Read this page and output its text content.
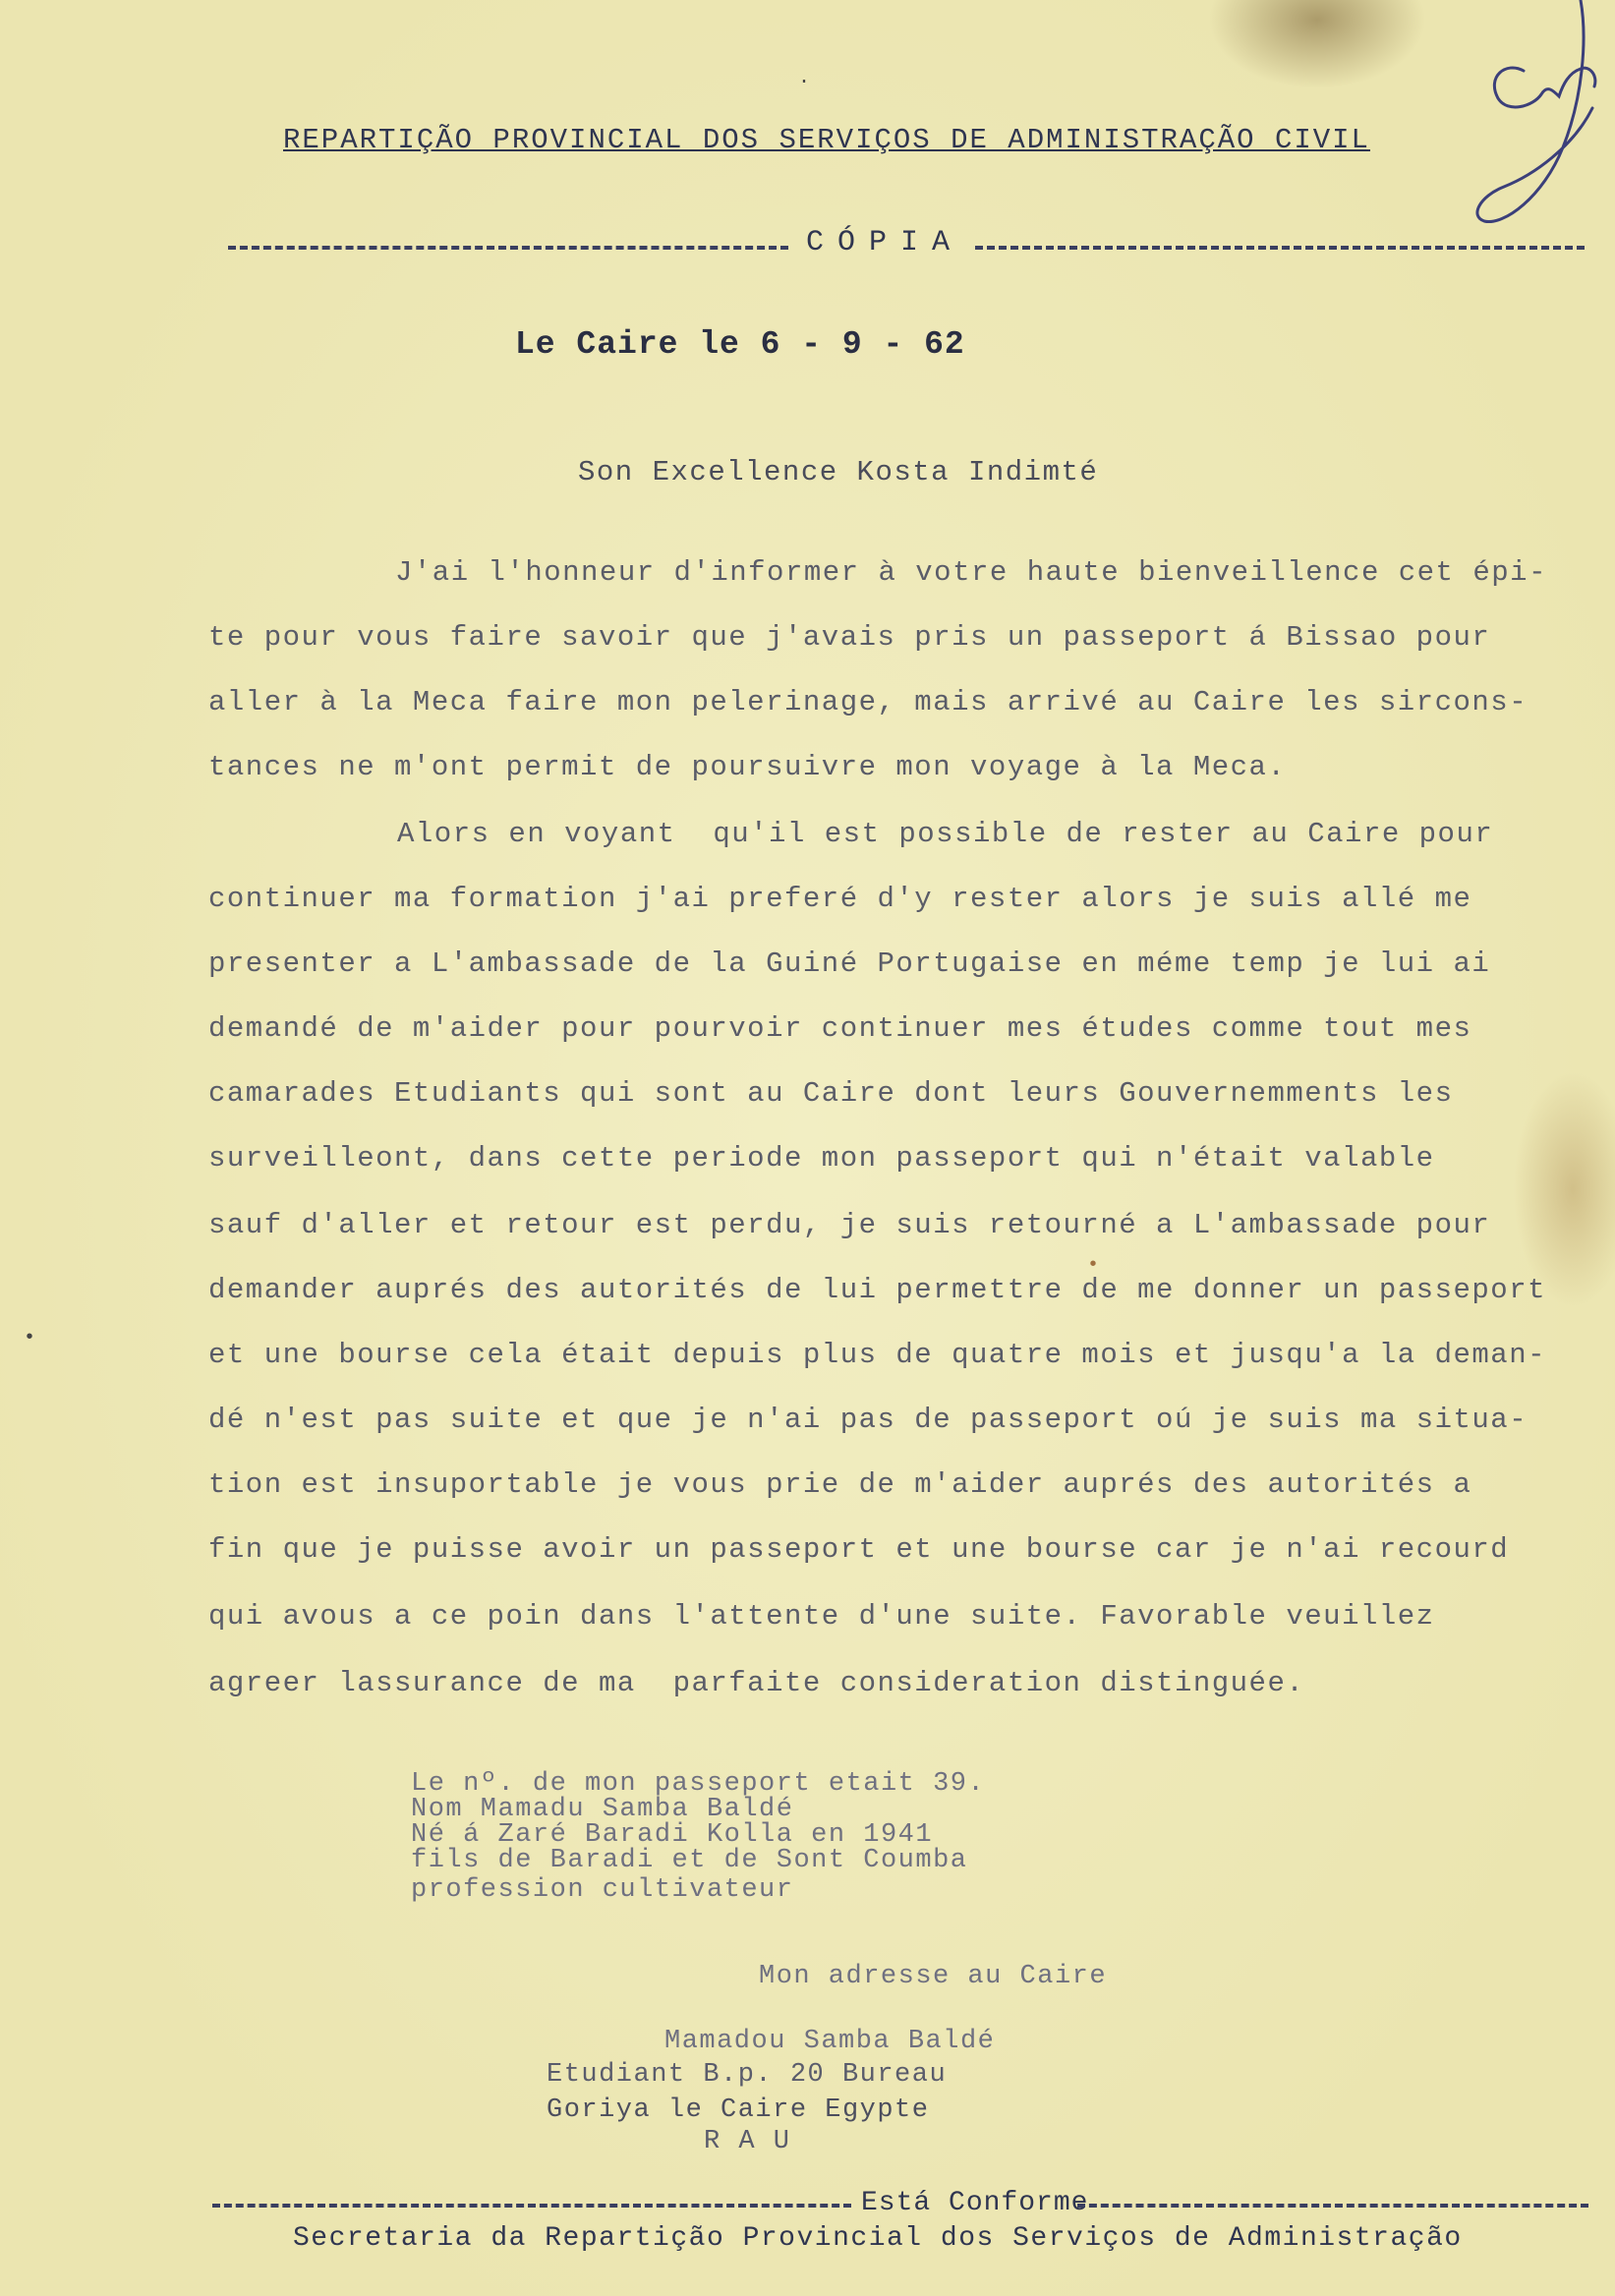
REPARTIÇÃO PROVINCIAL DOS SERVIÇOS DE ADMINISTRAÇÃO CIVIL
CÓPIA
Le Caire le 6 - 9 - 62
Son Excellence Kosta Indimté
J'ai l'honneur d'informer à votre haute bienveillence cet épi-
te pour vous faire savoir que j'avais pris un passeport á Bissao pour
aller à la Meca faire mon pelerinage, mais arrivé au Caire les sircons-
tances ne m'ont permit de poursuivre mon voyage à la Meca.
Alors en voyant  qu'il est possible de rester au Caire pour
continuer ma formation j'ai preferé d'y rester alors je suis allé me
presenter a L'ambassade de la Guiné Portugaise en méme temp je lui ai
demandé de m'aider pour pourvoir continuer mes études comme tout mes
camarades Etudiants qui sont au Caire dont leurs Gouvernemments les
surveilleont, dans cette periode mon passeport qui n'était valable
sauf d'aller et retour est perdu, je suis retourné a L'ambassade pour
demander auprés des autorités de lui permettre de me donner un passeport
et une bourse cela était depuis plus de quatre mois et jusqu'a la deman-
dé n'est pas suite et que je n'ai pas de passeport oú je suis ma situa-
tion est insuportable je vous prie de m'aider auprés des autorités a
fin que je puisse avoir un passeport et une bourse car je n'ai recourd
qui avous a ce poin dans l'attente d'une suite. Favorable veuillez
agreer lassurance de ma  parfaite consideration distinguée.
Le nº. de mon passeport etait 39.
Nom Mamadu Samba Baldé
Né á Zaré Baradi Kolla en 1941
fils de Baradi et de Sont Coumba
profession cultivateur
Mon adresse au Caire
Mamadou Samba Baldé
Etudiant B.p. 20 Bureau
Goriya le Caire Egypte
R A U
Está Conforme
Secretaria da Repartição Provincial dos Serviços de Administração
·
•
•
